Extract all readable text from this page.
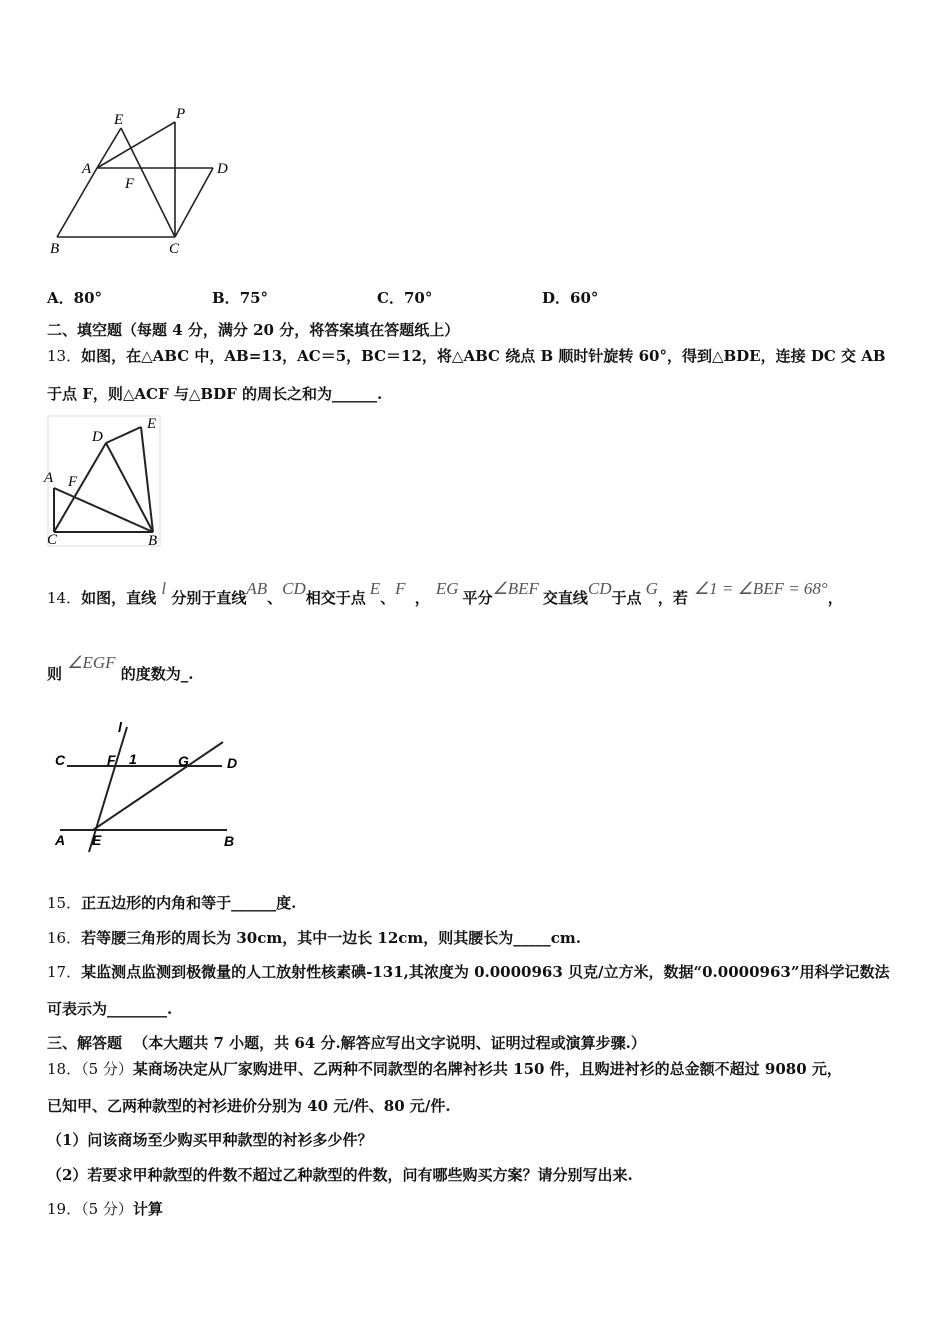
E	P
A	D
F
B	C
A．80°	B．75°	C．70°	D．60°
二、填空题（每题 4 分，满分 20 分，将答案填在答题纸上）
13．如图，在△ABC 中，AB=13，AC＝5，BC＝12，将△ABC 绕点 B 顺时针旋转 60°，得到△BDE，连接 DC 交 AB
于点 F，则△ACF 与△BDF 的周长之和为______.
D
E
A F
C	B
14．如图，直线 l 分别于直线AB、CD相交于点 E、F ， EG 平分∠BEF 交直线CD于点 G，若 ∠1 = ∠BEF = 68°，
则 ∠EGF 的度数为_.
l
C	F 1	G	D
A E	B
15．正五边形的内角和等于______度.
16．若等腰三角形的周长为 30cm，其中一边长 12cm，则其腰长为_____cm.
17．某监测点监测到极微量的人工放射性核素碘-131,其浓度为 0.0000963 贝克/立方米，数据“0.0000963”用科学记数法
可表示为________.
三、解答题 （本大题共 7 小题，共 64 分.解答应写出文字说明、证明过程或演算步骤.）
18．（5 分）某商场决定从厂家购进甲、乙两种不同款型的名牌衬衫共 150 件，且购进衬衫的总金额不超过 9080 元，
已知甲、乙两种款型的衬衫进价分别为 40 元/件、80 元/件.
（1）问该商场至少购买甲种款型的衬衫多少件？
（2）若要求甲种款型的件数不超过乙种款型的件数，问有哪些购买方案？请分别写出来.
19．（5 分）计算
